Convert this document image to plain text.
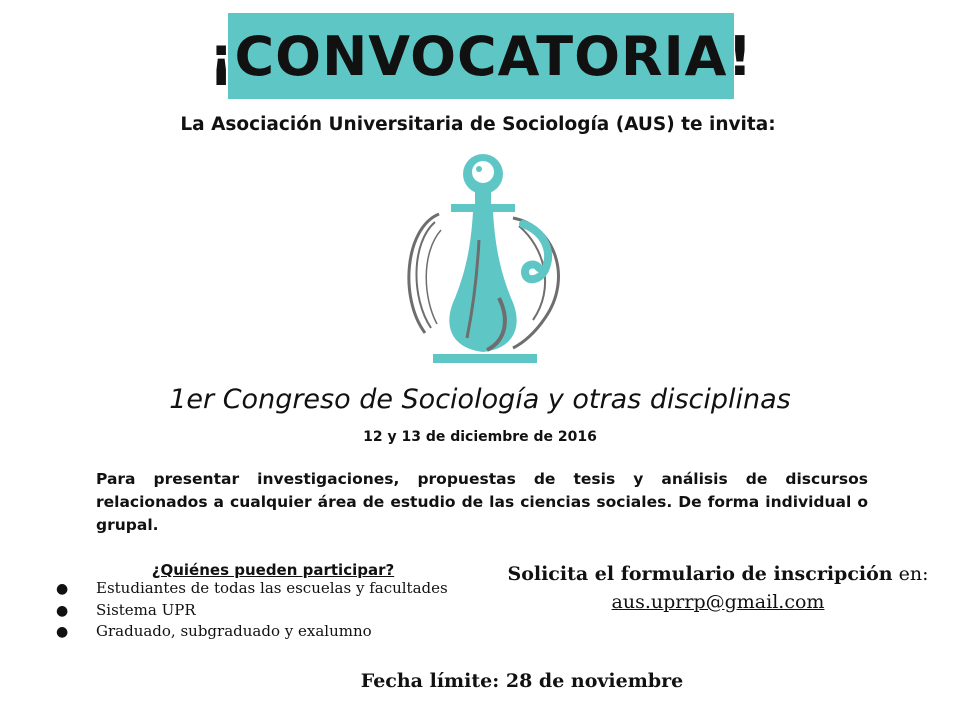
¡CONVOCATORIA!
La Asociación Universitaria de Sociología (AUS) te invita:
1er Congreso de Sociología y otras disciplinas
12 y 13 de diciembre de 2016
Para presentar investigaciones, propuestas de tesis y análisis de discursos relacionados a cualquier área de estudio de las ciencias sociales. De forma individual o grupal.
¿Quiénes pueden participar?
● Estudiantes de todas las escuelas y facultades
● Sistema UPR
● Graduado, subgraduado y exalumno
Solicita el formulario de inscripción en:
aus.uprrp@gmail.com
Fecha límite: 28 de noviembre
